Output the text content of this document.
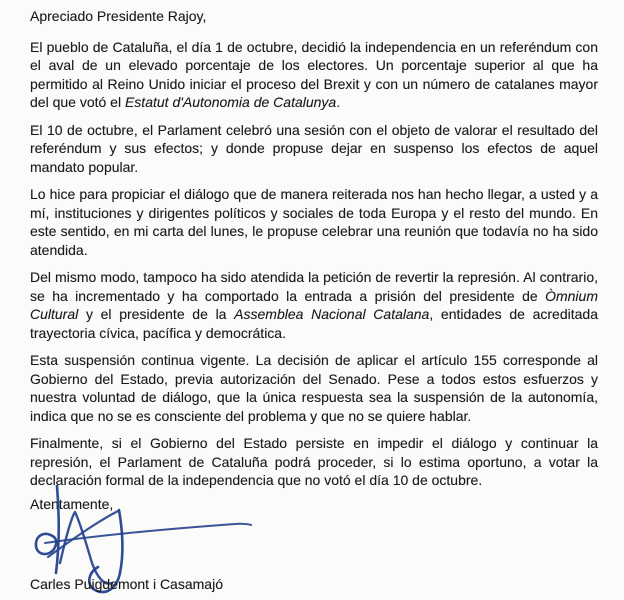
Apreciado Presidente Rajoy,

El pueblo de Cataluña, el día 1 de octubre, decidió la independencia en un referéndum con el aval de un elevado porcentaje de los electores. Un porcentaje superior al que ha permitido al Reino Unido iniciar el proceso del Brexit y con un número de catalanes mayor del que votó el Estatut d'Autonomia de Catalunya.

El 10 de octubre, el Parlament celebró una sesión con el objeto de valorar el resultado del referéndum y sus efectos; y donde propuse dejar en suspenso los efectos de aquel mandato popular.

Lo hice para propiciar el diálogo que de manera reiterada nos han hecho llegar, a usted y a mí, instituciones y dirigentes políticos y sociales de toda Europa y el resto del mundo. En este sentido, en mi carta del lunes, le propuse celebrar una reunión que todavía no ha sido atendida.

Del mismo modo, tampoco ha sido atendida la petición de revertir la represión. Al contrario, se ha incrementado y ha comportado la entrada a prisión del presidente de Òmnium Cultural y el presidente de la Assemblea Nacional Catalana, entidades de acreditada trayectoria cívica, pacífica y democrática.

Esta suspensión continua vigente. La decisión de aplicar el artículo 155 corresponde al Gobierno del Estado, previa autorización del Senado. Pese a todos estos esfuerzos y nuestra voluntad de diálogo, que la única respuesta sea la suspensión de la autonomía, indica que no se es consciente del problema y que no se quiere hablar.

Finalmente, si el Gobierno del Estado persiste en impedir el diálogo y continuar la represión, el Parlament de Cataluña podrá proceder, si lo estima oportuno, a votar la declaración formal de la independencia que no votó el día 10 de octubre.

Atentamente,

Carles Puigdemont i Casamajó
